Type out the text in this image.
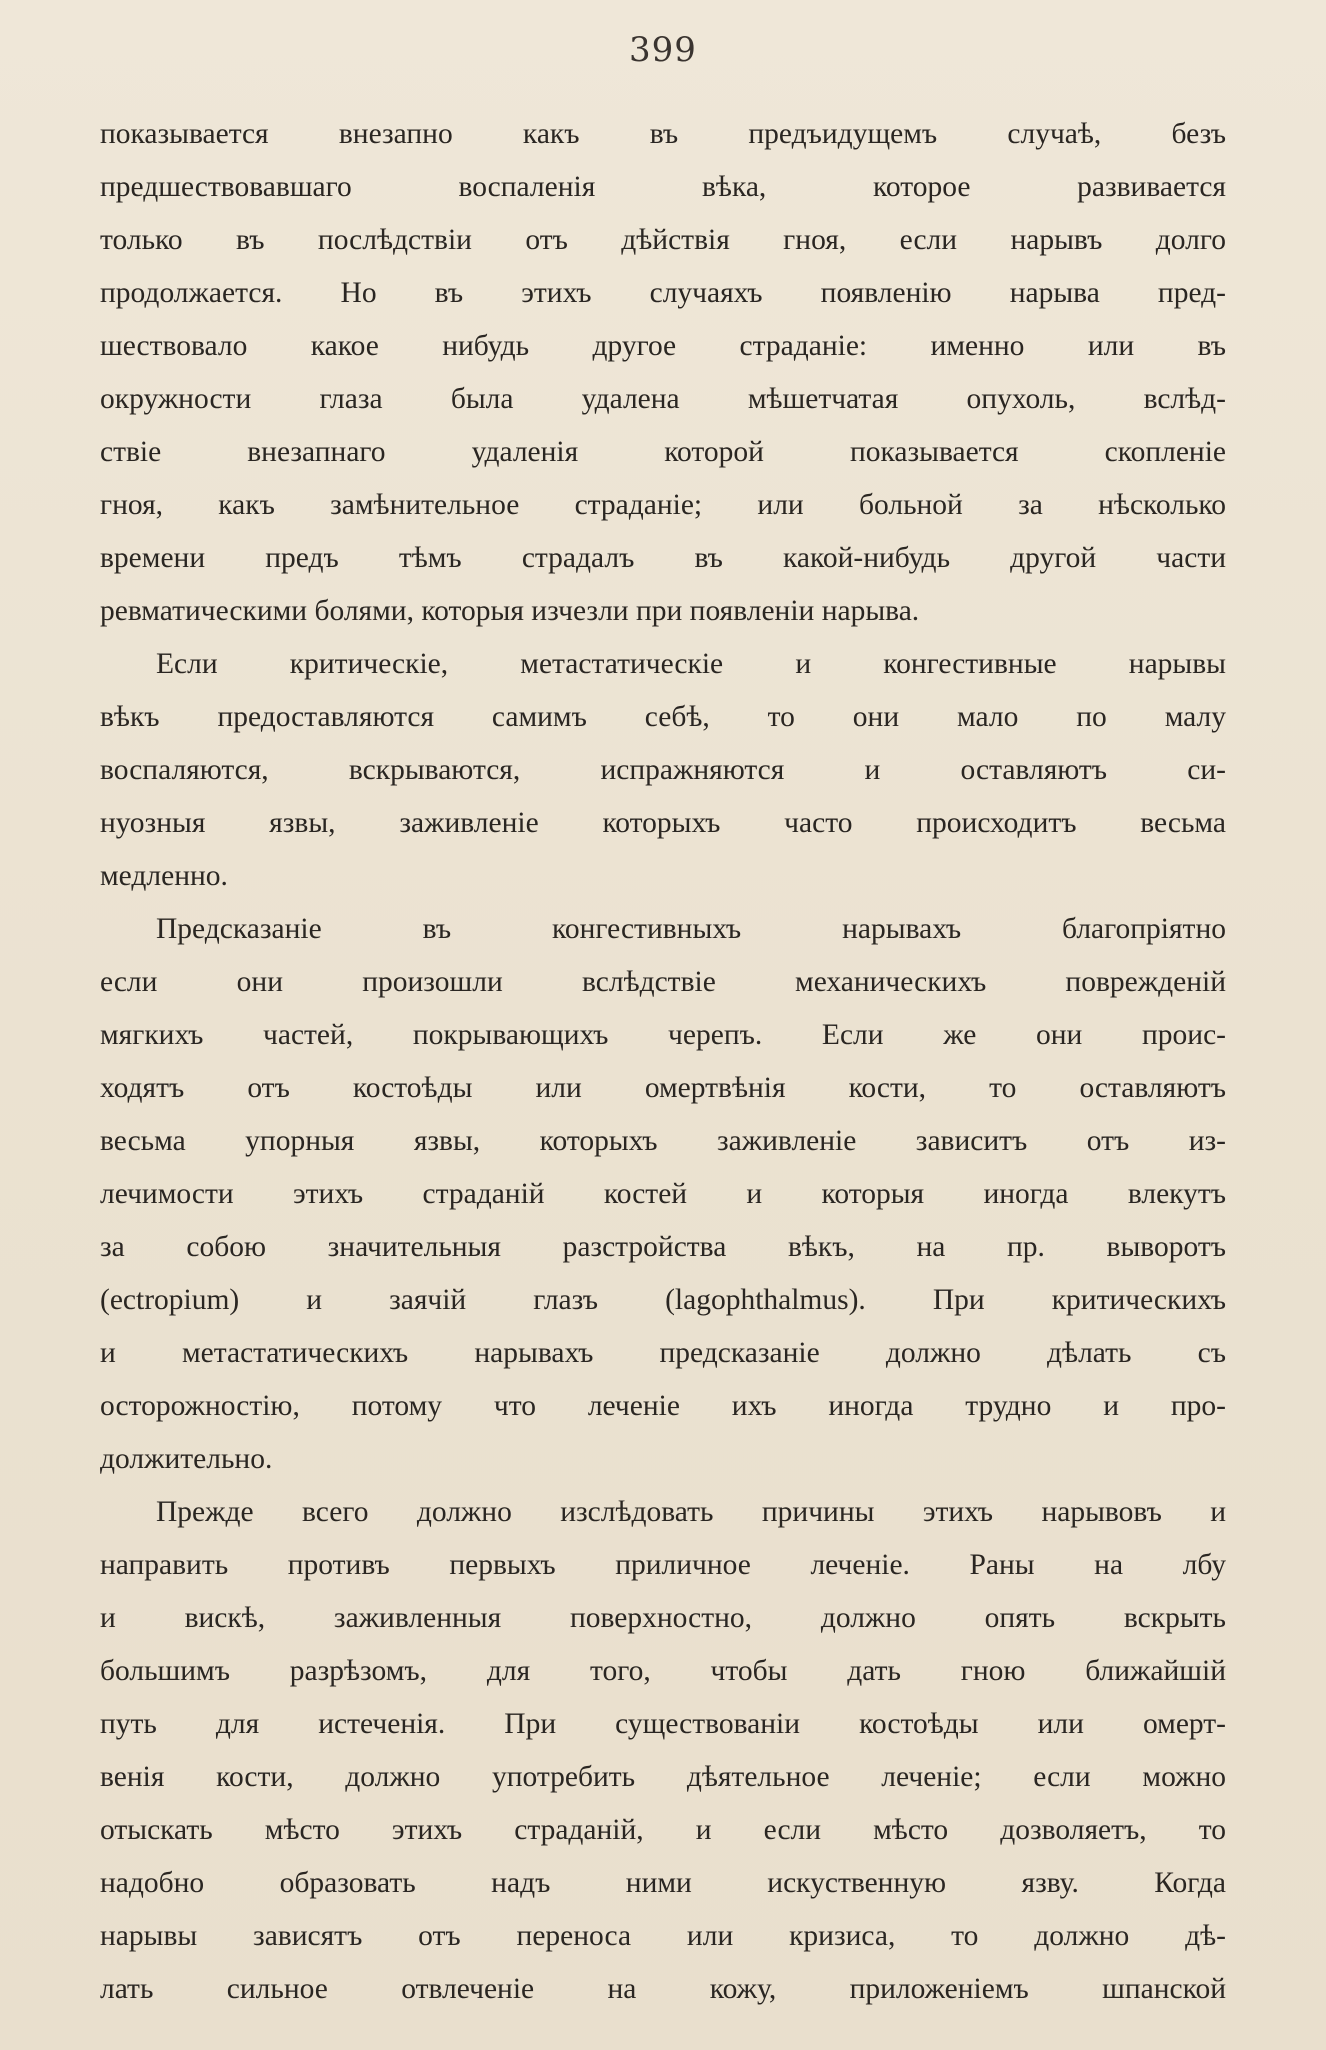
399
показывается внезапно какъ въ предъидущемъ случаѣ, безъ
предшествовавшаго воспаленія вѣка, которое развивается
только въ послѣдствіи отъ дѣйствія гноя, если нарывъ долго
продолжается. Но въ этихъ случаяхъ появленію нарыва пред-
шествовало какое нибудь другое страданіе: именно или въ
окружности глаза была удалена мѣшетчатая опухоль, вслѣд-
ствіе внезапнаго удаленія которой показывается скопленіе
гноя, какъ замѣнительное страданіе; или больной за нѣсколько
времени предъ тѣмъ страдалъ въ какой-нибудь другой части
ревматическими болями, которыя изчезли при появленіи нарыва.
Если критическіе, метастатическіе и конгестивные нарывы
вѣкъ предоставляются самимъ себѣ, то они мало по малу
воспаляются, вскрываются, испражняются и оставляютъ си-
нуозныя язвы, заживленіе которыхъ часто происходитъ весьма
медленно.
Предсказаніе въ конгестивныхъ нарывахъ благопріятно
если они произошли вслѣдствіе механическихъ поврежденій
мягкихъ частей, покрывающихъ черепъ. Если же они проис-
ходятъ отъ костоѣды или омертвѣнія кости, то оставляютъ
весьма упорныя язвы, которыхъ заживленіе зависитъ отъ из-
лечимости этихъ страданій костей и которыя иногда влекутъ
за собою значительныя разстройства вѣкъ, на пр. выворотъ
(ectropium) и заячій глазъ (lagophthalmus). При критическихъ
и метастатическихъ нарывахъ предсказаніе должно дѣлать съ
осторожностію, потому что леченіе ихъ иногда трудно и про-
должительно.
Прежде всего должно изслѣдовать причины этихъ нарывовъ и
направить противъ первыхъ приличное леченіе. Раны на лбу
и вискѣ, заживленныя поверхностно, должно опять вскрыть
большимъ разрѣзомъ, для того, чтобы дать гною ближайшій
путь для истеченія. При существованіи костоѣды или омерт-
венія кости, должно употребить дѣятельное леченіе; если можно
отыскать мѣсто этихъ страданій, и если мѣсто дозволяетъ, то
надобно образовать надъ ними искуственную язву. Когда
нарывы зависятъ отъ переноса или кризиса, то должно дѣ-
лать сильное отвлеченіе на кожу, приложеніемъ шпанской
